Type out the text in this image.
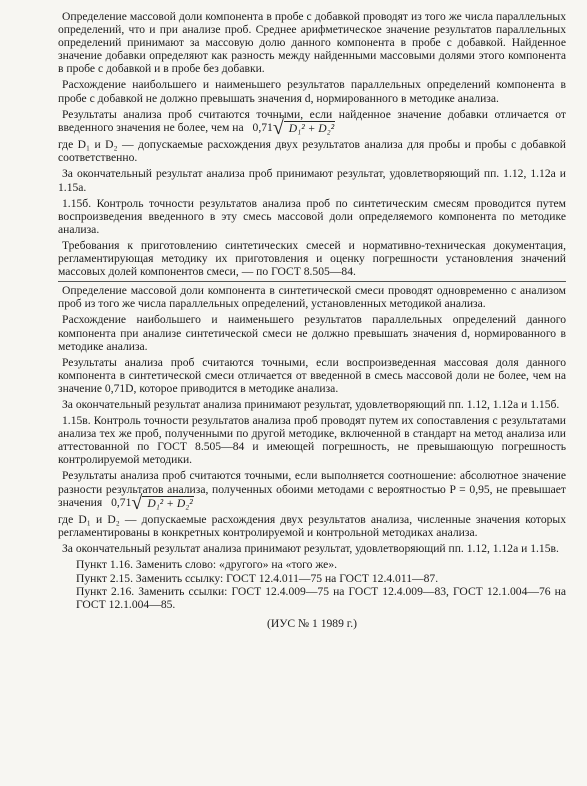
Определение массовой доли компонента в пробе с добавкой проводят из того же числа параллельных определений, что и при анализе проб. Среднее арифметическое значение результатов параллельных определений принимают за массовую долю данного компонента в пробе с добавкой. Найденное значение добавки определяют как разность между найденными массовыми долями этого компонента в пробе с добавкой и в пробе без добавки.

Расхождение наибольшего и наименьшего результатов параллельных определений компонента в пробе с добавкой не должно превышать значения d, нормированного в методике анализа.

Результаты анализа проб считаются точными, если найденное значение добавки отличается от введенного значения не более, чем на 0,71√ D₁² + D₂²

где D₁ и D₂ — допускаемые расхождения двух результатов анализа для пробы и пробы с добавкой соответственно.

За окончательный результат анализа проб принимают результат, удовлетворяющий пп. 1.12, 1.12а и 1.15а.

1.15б. Контроль точности результатов анализа проб по синтетическим смесям проводится путем воспроизведения введенного в эту смесь массовой доли определяемого компонента по методике анализа.

Требования к приготовлению синтетических смесей и нормативно-техническая документация, регламентирующая методику их приготовления и оценку погрешности установления значений массовых долей компонентов смеси, — по ГОСТ 8.505—84.

Определение массовой доли компонента в синтетической смеси проводят одновременно с анализом проб из того же числа параллельных определений, установленных методикой анализа.

Расхождение наибольшего и наименьшего результатов параллельных определений данного компонента при анализе синтетической смеси не должно превышать значения d, нормированного в методике анализа.

Результаты анализа проб считаются точными, если воспроизведенная массовая доля данного компонента в синтетической смеси отличается от введенной в смесь массовой доли не более, чем на значение 0,71D, которое приводится в методике анализа.

За окончательный результат анализа принимают результат, удовлетворяющий пп. 1.12, 1.12а и 1.15б.

1.15в. Контроль точности результатов анализа проб проводят путем их сопоставления с результатами анализа тех же проб, полученными по другой методике, включенной в стандарт на метод анализа или аттестованной по ГОСТ 8.505—84 и имеющей погрешность, не превышающую погрешность контролируемой методики.

Результаты анализа проб считаются точными, если выполняется соотношение: абсолютное значение разности результатов анализа, полученных обоими методами с вероятностью P = 0,95, не превышает значения 0,71√ D₁² + D₂²

где D₁ и D₂ — допускаемые расхождения двух результатов анализа, численные значения которых регламентированы в конкретных контролируемой и контрольной методиках анализа.

За окончательный результат анализа принимают результат, удовлетворяющий пп. 1.12, 1.12а и 1.15в.

Пункт 1.16. Заменить слово: «другого» на «того же».

Пункт 2.15. Заменить ссылку: ГОСТ 12.4.011—75 на ГОСТ 12.4.011—87.

Пункт 2.16. Заменить ссылки: ГОСТ 12.4.009—75 на ГОСТ 12.4.009—83, ГОСТ 12.1.004—76 на ГОСТ 12.1.004—85.

(ИУС № 1 1989 г.)
